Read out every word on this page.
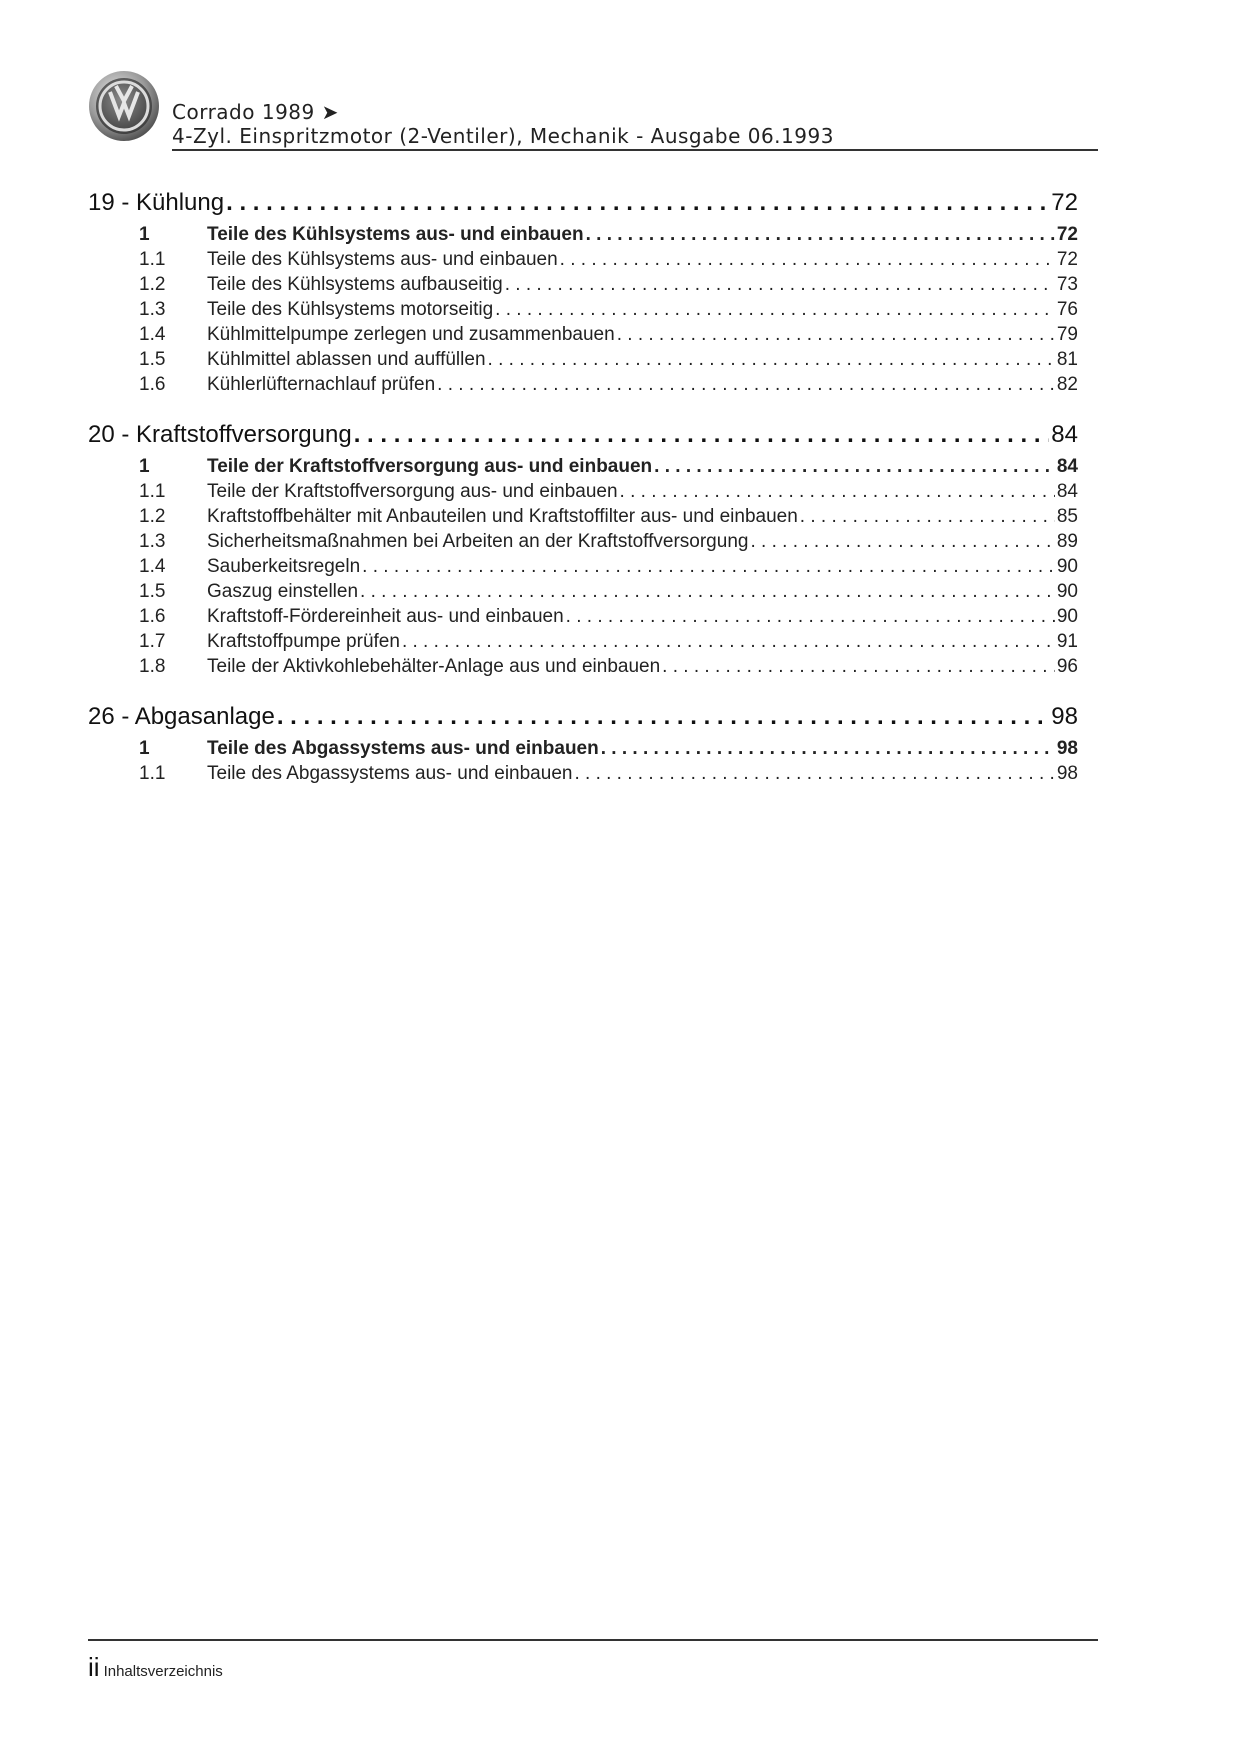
Corrado 1989 ➤
4-Zyl. Einspritzmotor (2-Ventiler), Mechanik - Ausgabe 06.1993
19 - Kühlung . . .	72
1	Teile des Kühlsystems aus- und einbauen . . .	72
1.1	Teile des Kühlsystems aus- und einbauen . . .	72
1.2	Teile des Kühlsystems aufbauseitig . . .	73
1.3	Teile des Kühlsystems motorseitig . . .	76
1.4	Kühlmittelpumpe zerlegen und zusammenbauen . . .	79
1.5	Kühlmittel ablassen und auffüllen . . .	81
1.6	Kühlerlüfternachlauf prüfen . . .	82
20 - Kraftstoffversorgung . . .	84
1	Teile der Kraftstoffversorgung aus- und einbauen . . .	84
1.1	Teile der Kraftstoffversorgung aus- und einbauen . . .	84
1.2	Kraftstoffbehälter mit Anbauteilen und Kraftstoffilter aus- und einbauen . . .	85
1.3	Sicherheitsmaßnahmen bei Arbeiten an der Kraftstoffversorgung . . .	89
1.4	Sauberkeitsregeln . . .	90
1.5	Gaszug einstellen . . .	90
1.6	Kraftstoff-Fördereinheit aus- und einbauen . . .	90
1.7	Kraftstoffpumpe prüfen . . .	91
1.8	Teile der Aktivkohlebehälter-Anlage aus und einbauen . . .	96
26 - Abgasanlage . . .	98
1	Teile des Abgassystems aus- und einbauen . . .	98
1.1	Teile des Abgassystems aus- und einbauen . . .	98
ii Inhaltsverzeichnis
